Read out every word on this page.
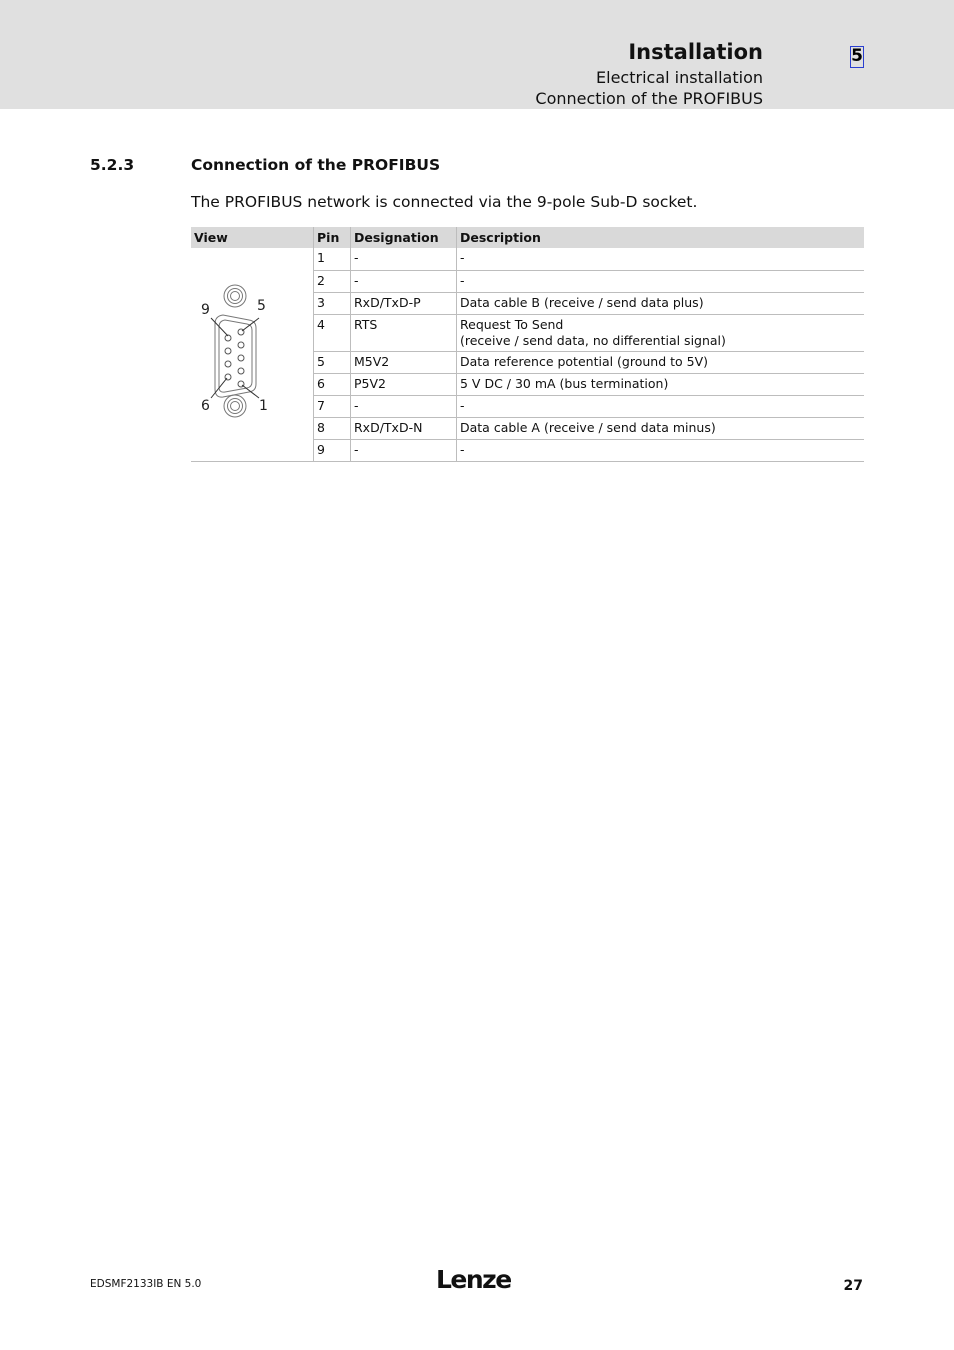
Installation
Electrical installation
Connection of the PROFIBUS
5
5.2.3	Connection of the PROFIBUS
The PROFIBUS network is connected via the 9-pole Sub-D socket.
View	Pin	Designation	Description

9 5
6 1	1	-	-
	2	-	-
	3	RxD/TxD-P	Data cable B (receive / send data plus)
	4	RTS	Request To Send
(receive / send data, no differential signal)

	5	M5V2	Data reference potential (ground to 5V)
	6	P5V2	5 V DC / 30 mA (bus termination)
	7	-	-
	8	RxD/TxD-N	Data cable A (receive / send data minus)
	9	-	-
EDSMF2133IB EN 5.0	Lenze	27
